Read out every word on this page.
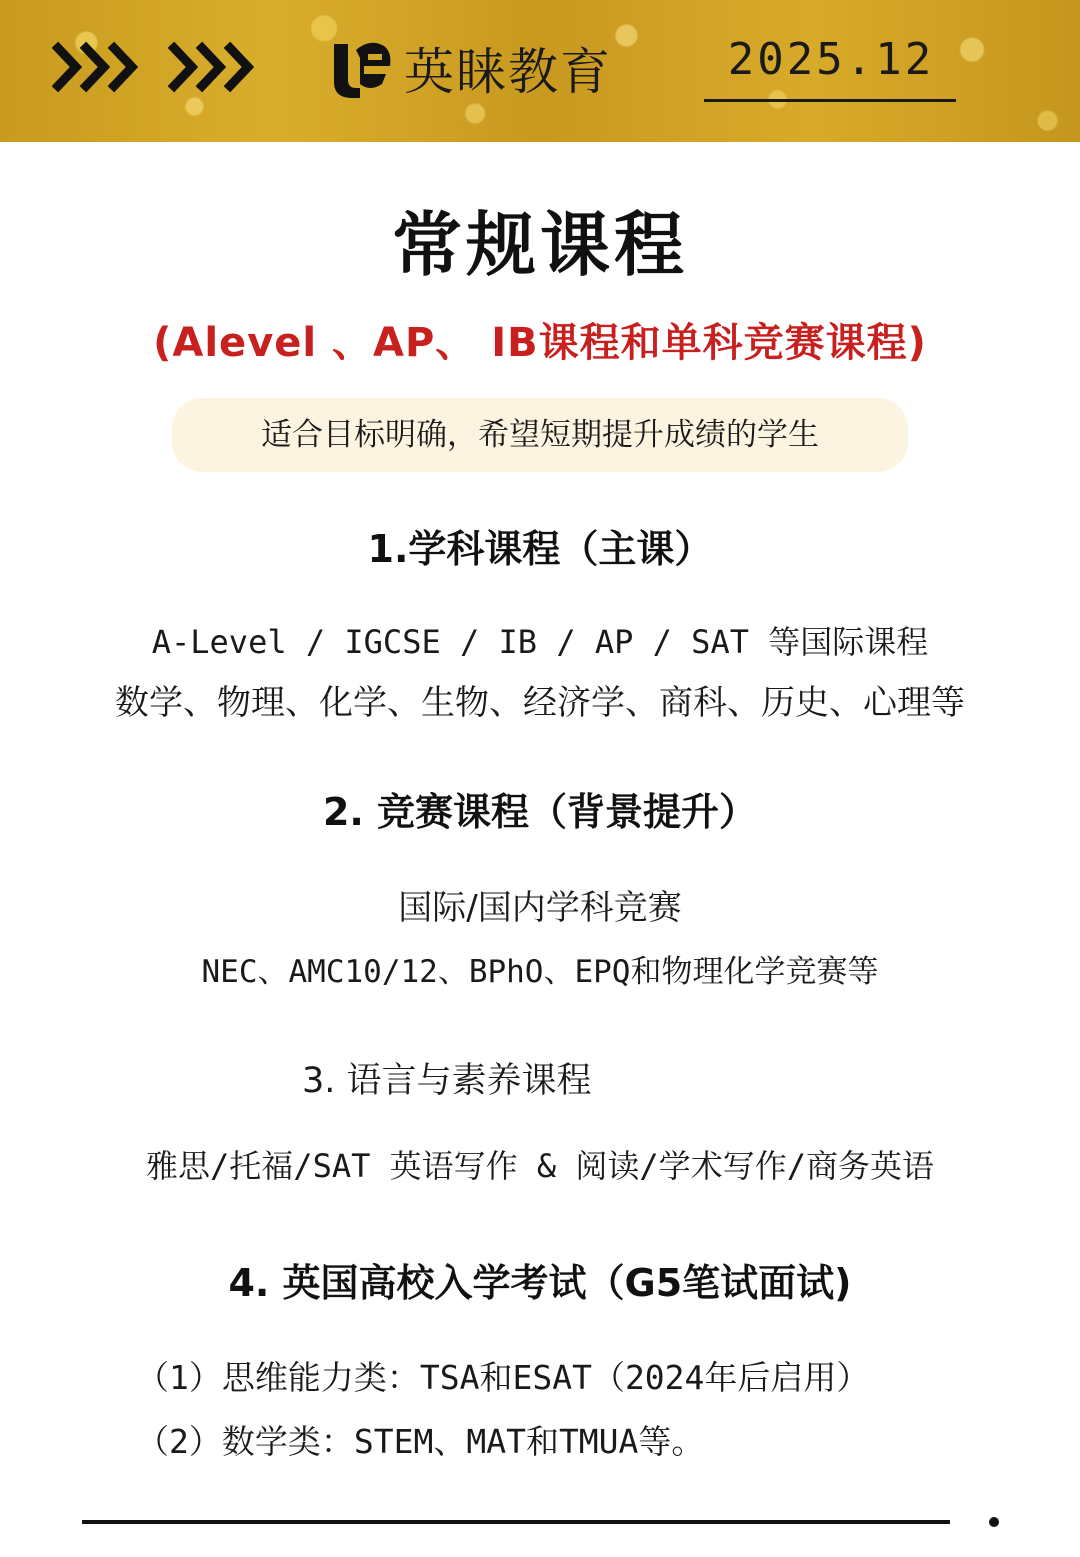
英睐教育	2025.12
常规课程
(Alevel 、AP、 IB课程和单科竞赛课程)
适合目标明确，希望短期提升成绩的学生
1.学科课程（主课）
A-Level / IGCSE / IB / AP / SAT 等国际课程
数学、物理、化学、生物、经济学、商科、历史、心理等
2. 竞赛课程（背景提升）
国际/国内学科竞赛
NEC、AMC10/12、BPhO、EPQ和物理化学竞赛等
3. 语言与素养课程
雅思/托福/SAT 英语写作 & 阅读/学术写作/商务英语
4. 英国高校入学考试（G5笔试面试)
（1）思维能力类：TSA和ESAT（2024年后启用）
（2）数学类：STEM、MAT和TMUA等。
